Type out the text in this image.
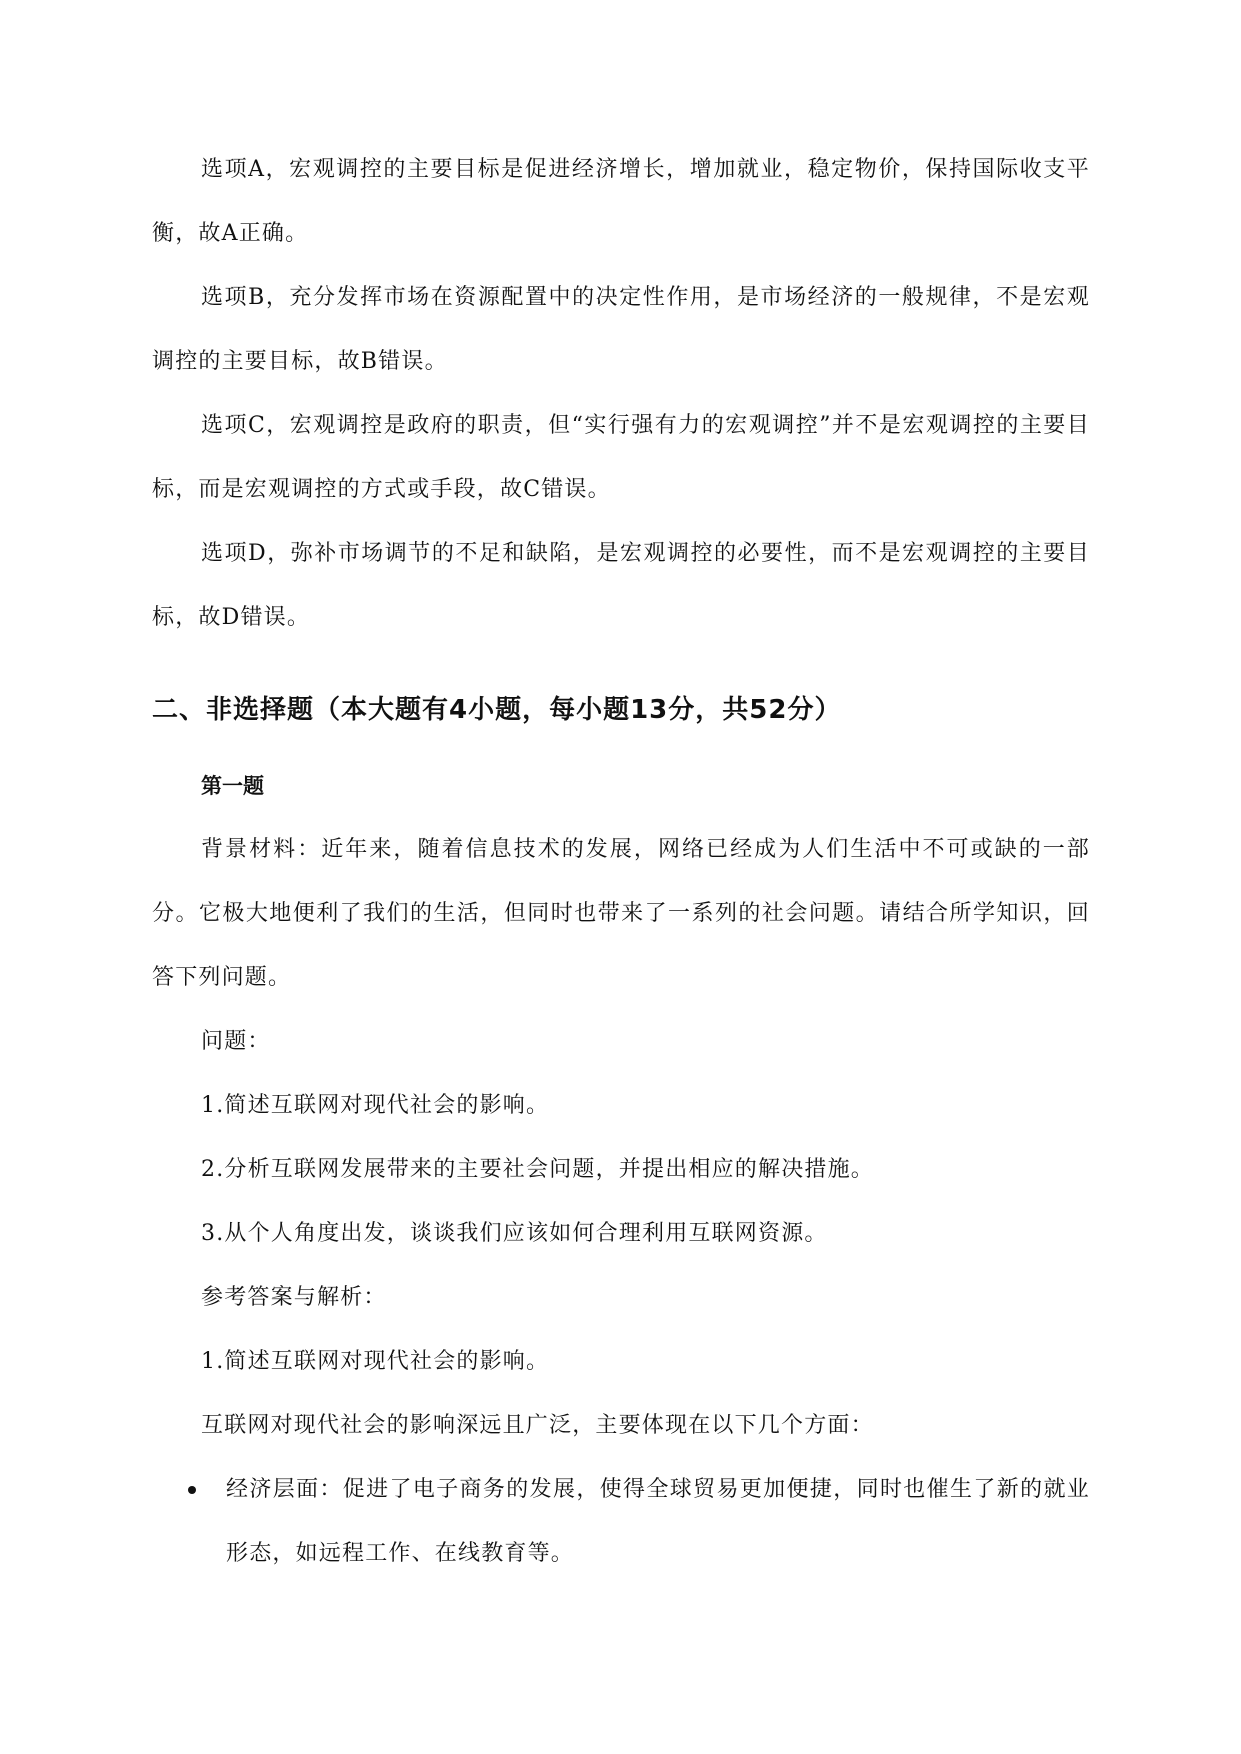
选项A，宏观调控的主要目标是促进经济增长，增加就业，稳定物价，保持国际收支平衡，故A正确。

选项B，充分发挥市场在资源配置中的决定性作用，是市场经济的一般规律，不是宏观调控的主要目标，故B错误。

选项C，宏观调控是政府的职责，但“实行强有力的宏观调控”并不是宏观调控的主要目标，而是宏观调控的方式或手段，故C错误。

选项D，弥补市场调节的不足和缺陷，是宏观调控的必要性，而不是宏观调控的主要目标，故D错误。

二、非选择题（本大题有4小题，每小题13分，共52分）

第一题

背景材料：近年来，随着信息技术的发展，网络已经成为人们生活中不可或缺的一部分。它极大地便利了我们的生活，但同时也带来了一系列的社会问题。请结合所学知识，回答下列问题。

问题：

1.简述互联网对现代社会的影响。

2.分析互联网发展带来的主要社会问题，并提出相应的解决措施。

3.从个人角度出发，谈谈我们应该如何合理利用互联网资源。

参考答案与解析：

1.简述互联网对现代社会的影响。

互联网对现代社会的影响深远且广泛，主要体现在以下几个方面：

经济层面：促进了电子商务的发展，使得全球贸易更加便捷，同时也催生了新的就业形态，如远程工作、在线教育等。
